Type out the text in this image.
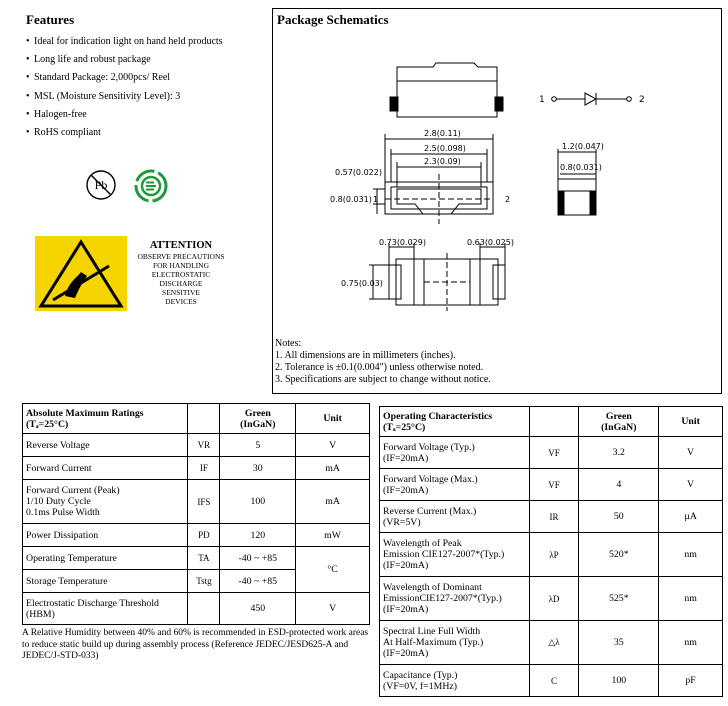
Features
• Ideal for indication light on hand held products
• Long life and robust package
• Standard Package: 2,000pcs/ Reel
• MSL (Moisture Sensitivity Level): 3
• Halogen-free
• RoHS compliant
Pb
ATTENTION
OBSERVE PRECAUTIONS
FOR HANDLING
ELECTROSTATIC
DISCHARGE
SENSITIVE
DEVICES
Package Schematics
2.8(0.11)
2.5(0.098)
2.3(0.09)
0.57(0.022)
0.8(0.031) 1	2
1.2(0.047)
0.8(0.031)
0.73(0.029)	0.63(0.025)
0.75(0.03)
1	2
Notes:
1. All dimensions are in millimeters (inches).
2. Tolerance is ±0.1(0.004") unless otherwise noted.
3. Specifications are subject to change without notice.
Absolute Maximum Ratings
(Tₐ=25°C)		Green
(InGaN)	Unit
Reverse Voltage	VR	5	V
Forward Current	IF	30	mA
Forward Current (Peak)
1/10 Duty Cycle
0.1ms Pulse Width	IFS	100	mA
Power Dissipation	PD	120	mW
Operating Temperature	TA	-40 ~ +85	°C
Storage Temperature	Tstg	-40 ~ +85	
Electrostatic Discharge Threshold
(HBM)		450	V
A Relative Humidity between 40% and 60% is recommended in ESD-protected work areas to reduce static build up during assembly process (Reference JEDEC/JESD625-A and JEDEC/J-STD-033)
Operating Characteristics
(Tₐ=25°C)		Green
(InGaN)	Unit
Forward Voltage (Typ.)
(IF=20mA)	VF	3.2	V
Forward Voltage (Max.)
(IF=20mA)	VF	4	V
Reverse Current (Max.)
(VR=5V)	IR	50	µA
Wavelength of Peak
Emission CIE127-2007*(Typ.)
(IF=20mA)	λP	520*	nm
Wavelength of Dominant
EmissionCIE127-2007*(Typ.)
(IF=20mA)	λD	525*	nm
Spectral Line Full Width
At Half-Maximum (Typ.)
(IF=20mA)	△λ	35	nm
Capacitance (Typ.)
(VF=0V, f=1MHz)	C	100	pF
